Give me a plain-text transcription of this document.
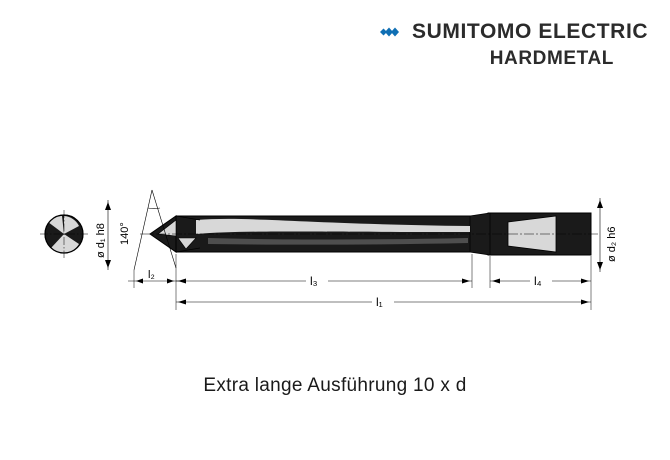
SUMITOMO ELECTRIC
HARDMETAL
140°
ø d₁ h8	ø d₂ h6
l₂	l₃	l₄
l₁
Extra lange Ausführung 10 x d
